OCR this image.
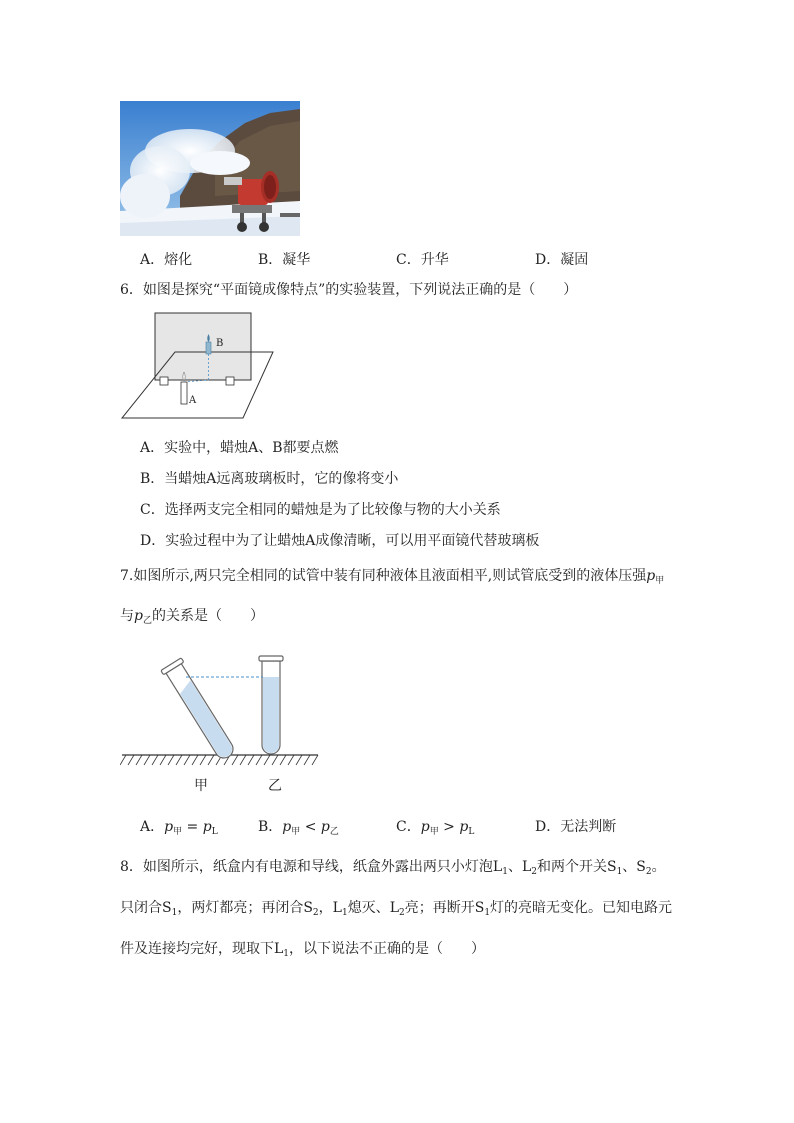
A．熔化	B．凝华	C．升华	D．凝固
6．如图是探究“平面镜成像特点”的实验装置，下列说法正确的是（　　）
B
A
A．实验中，蜡烛A、B都要点燃
B．当蜡烛A远离玻璃板时，它的像将变小
C．选择两支完全相同的蜡烛是为了比较像与物的大小关系
D．实验过程中为了让蜡烛A成像清晰，可以用平面镜代替玻璃板
7.如图所示,两只完全相同的试管中装有同种液体且液面相平,则试管底受到的液体压强$p_甲$
与$p_乙$的关系是（　　）
甲	乙
A．$p_甲 = p_L$	B．$p_甲 < p_乙$	C．$p_甲 > p_L$	D．无法判断
8．如图所示，纸盒内有电源和导线，纸盒外露出两只小灯泡$L_1$、$L_2$和两个开关$S_1$、$S_2$。
只闭合$S_1$，两灯都亮；再闭合$S_2$，$L_1$熄灭、$L_2$亮；再断开$S_1$灯的亮暗无变化。已知电路元
件及连接均完好，现取下$L_1$，以下说法不正确的是（　　）
